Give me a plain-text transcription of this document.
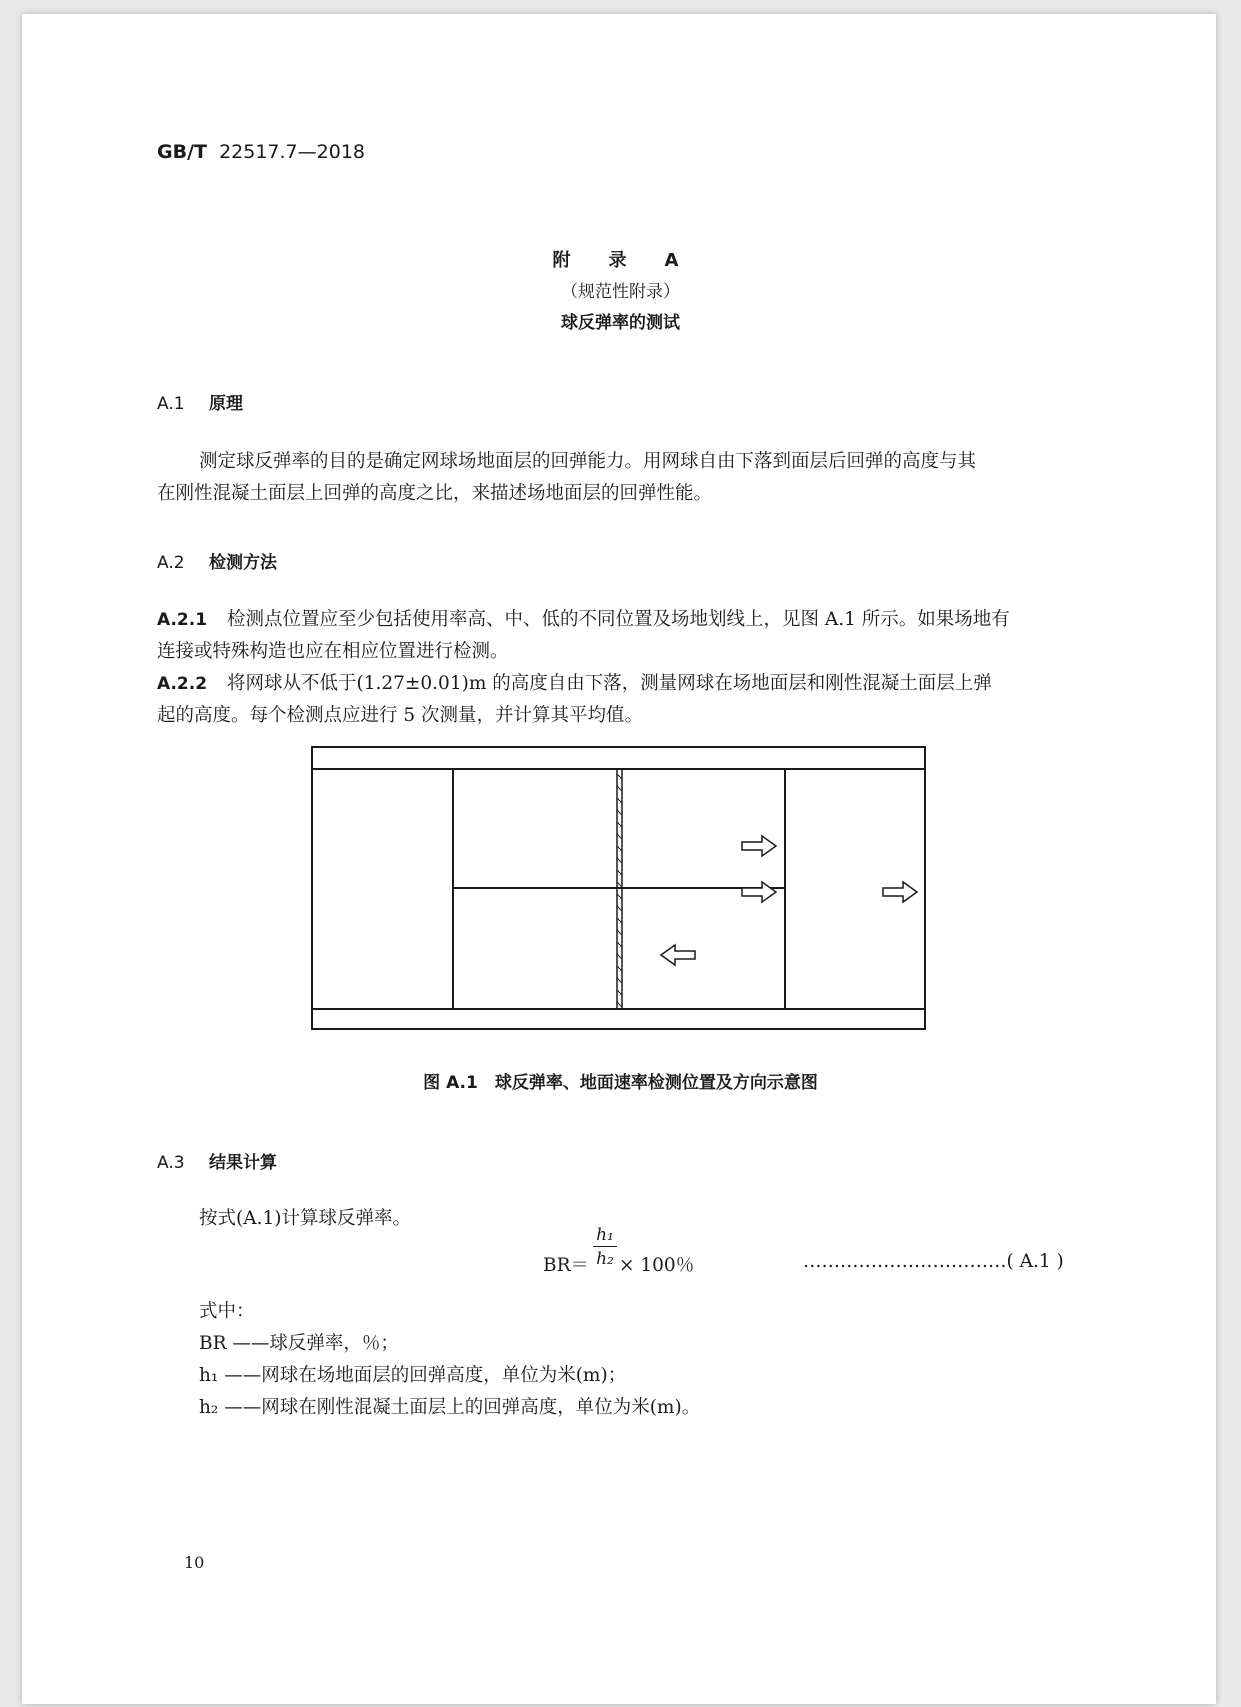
GB/T 22517.7—2018
附　录　A
（规范性附录）
球反弹率的测试
A.1 原理
测定球反弹率的目的是确定网球场地面层的回弹能力。用网球自由下落到面层后回弹的高度与其
在刚性混凝土面层上回弹的高度之比，来描述场地面层的回弹性能。
A.2 检测方法
A.2.1 检测点位置应至少包括使用率高、中、低的不同位置及场地划线上，见图 A.1 所示。如果场地有
连接或特殊构造也应在相应位置进行检测。
A.2.2 将网球从不低于(1.27±0.01)m 的高度自由下落，测量网球在场地面层和刚性混凝土面层上弹
起的高度。每个检测点应进行 5 次测量，并计算其平均值。
图 A.1　球反弹率、地面速率检测位置及方向示意图
A.3 结果计算
按式(A.1)计算球反弹率。
$BR= \frac{\text{h₁}}{\text{h₂}} \times 100$％	……………………………( A.1 )
式中：
BR ——球反弹率，％；
h₁ ——网球在场地面层的回弹高度，单位为米(m)；
h₂ ——网球在刚性混凝土面层上的回弹高度，单位为米(m)。
10
